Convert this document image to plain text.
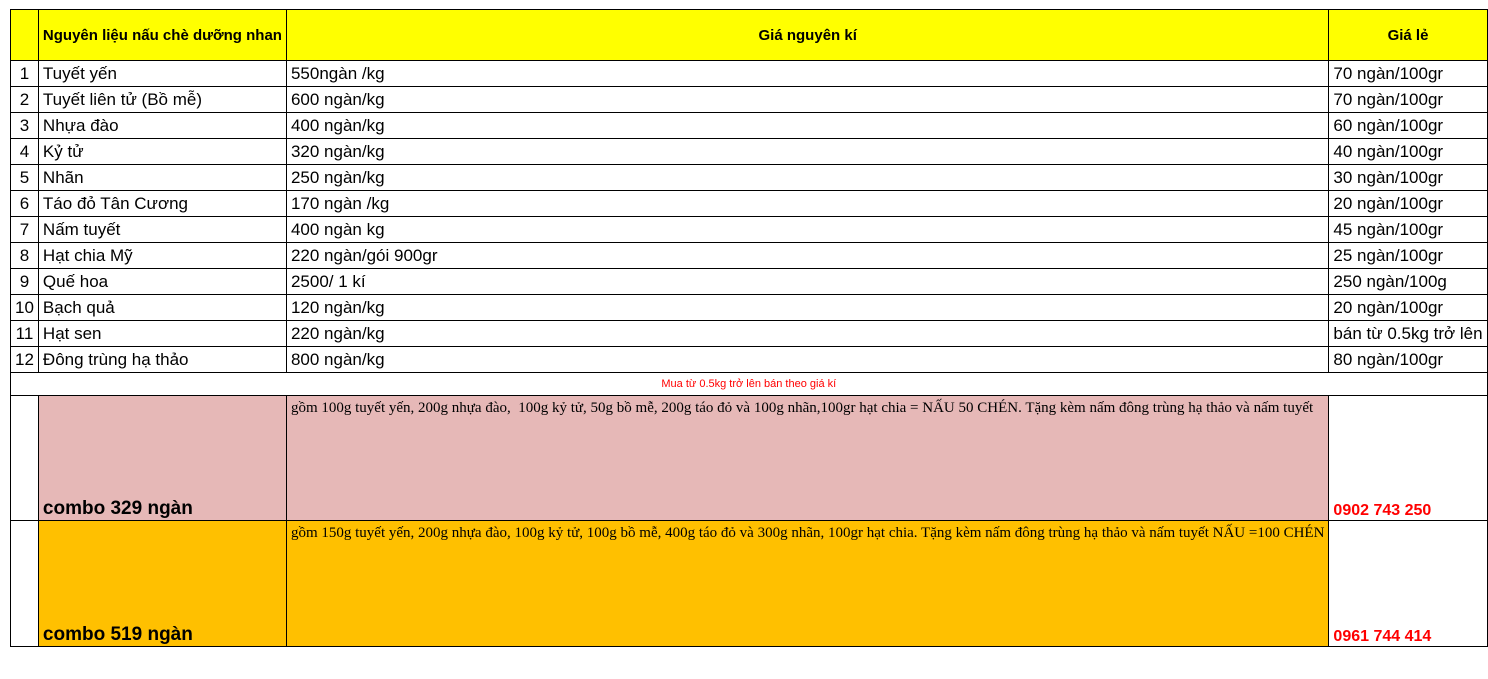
	Nguyên liệu nấu chè dưỡng nhan	Giá nguyên kí	Giá lẻ
1	Tuyết yến	550ngàn /kg	70 ngàn/100gr
2	Tuyết liên tử (Bồ mễ)	600 ngàn/kg	70 ngàn/100gr
3	Nhựa đào	400 ngàn/kg	60 ngàn/100gr
4	Kỷ tử	320 ngàn/kg	40 ngàn/100gr
5	Nhãn	250 ngàn/kg	30 ngàn/100gr
6	Táo đỏ Tân Cương	170 ngàn /kg	20 ngàn/100gr
7	Nấm tuyết	400 ngàn kg	45 ngàn/100gr
8	Hạt chia Mỹ	220 ngàn/gói 900gr	25 ngàn/100gr
9	Quế hoa	2500/ 1 kí	250 ngàn/100g
10	Bạch quả	120 ngàn/kg	20 ngàn/100gr
11	Hạt sen	220 ngàn/kg	bán từ 0.5kg trở lên
12	Đông trùng hạ thảo	800 ngàn/kg	80 ngàn/100gr
Mua từ 0.5kg trở lên bán theo giá kí			
	combo 329 ngàn	gồm 100g tuyết yến, 200g nhựa đào,  100g kỷ tử, 50g bồ mễ, 200g táo đỏ và 100g nhãn,100gr hạt chia = NẤU 50 CHÉN. Tặng kèm nấm đông trùng hạ thảo và nấm tuyết	0902 743 250
	combo 519 ngàn	gồm 150g tuyết yến, 200g nhựa đào, 100g kỷ tử, 100g bồ mễ, 400g táo đỏ và 300g nhãn, 100gr hạt chia. Tặng kèm nấm đông trùng hạ thảo và nấm tuyết NẤU =100 CHÉN	0961 744 414
